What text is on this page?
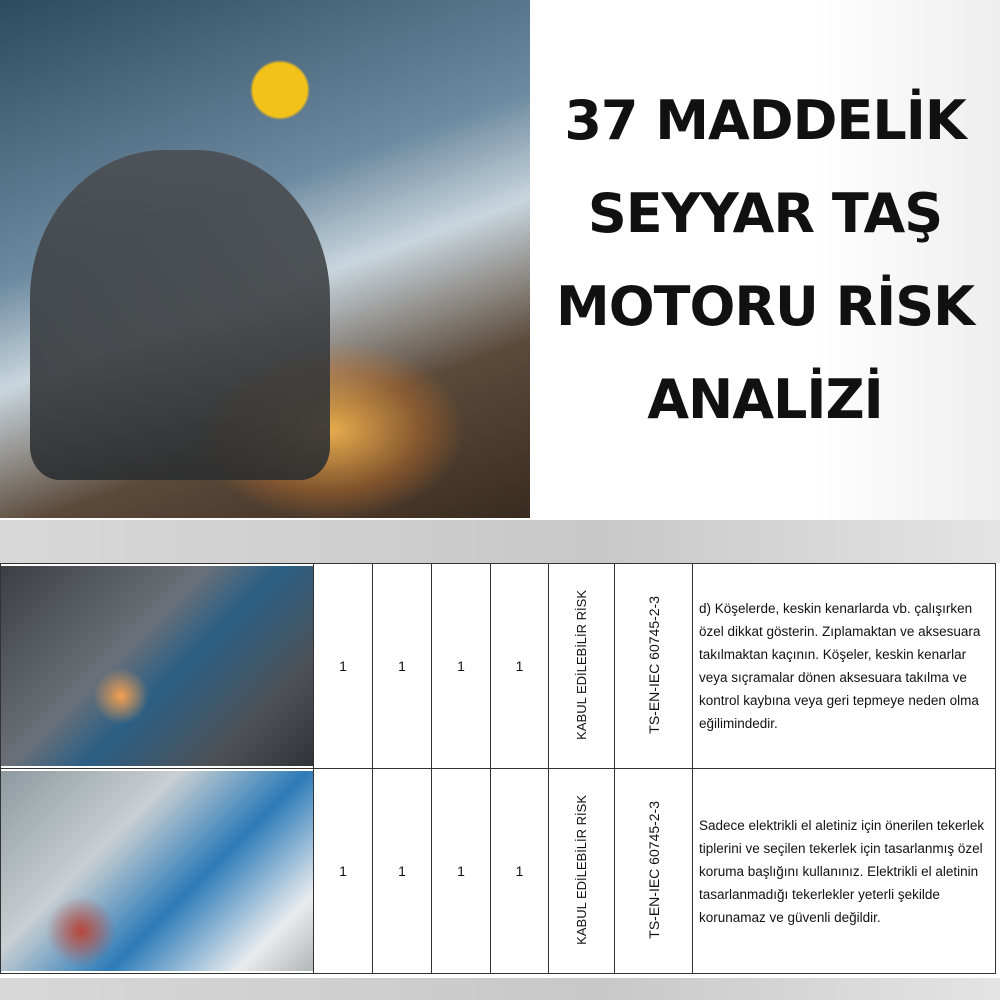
37 MADDELİK
SEYYAR TAŞ
MOTORU RİSK
ANALİZİ
	1	1	1	1	KABUL EDİLEBİLİR RİSK	TS-EN-IEC 60745-2-3	d) Köşelerde, keskin kenarlarda vb. çalışırken özel dikkat gösterin. Zıplamaktan ve aksesuara takılmaktan kaçının. Köşeler, keskin kenarlar veya sıçramalar dönen aksesuara takılma ve kontrol kaybına veya geri tepmeye neden olma eğilimindedir.

	1	1	1	1	KABUL EDİLEBİLİR RİSK	TS-EN-IEC 60745-2-3	Sadece elektrikli el aletiniz için önerilen tekerlek tiplerini ve seçilen tekerlek için tasarlanmış özel koruma başlığını kullanınız. Elektrikli el aletinin tasarlanmadığı tekerlekler yeterli şekilde korunamaz ve güvenli değildir.
